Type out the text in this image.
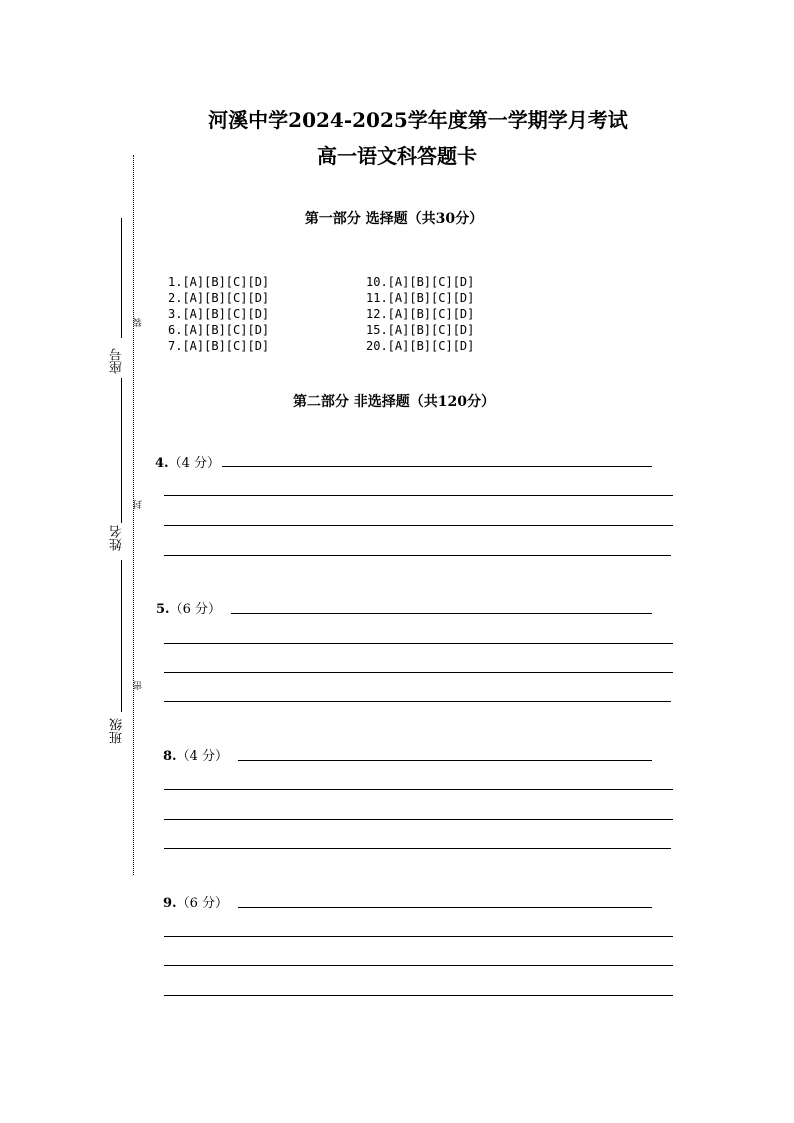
河溪中学2024-2025学年度第一学期学月考试
高一语文科答题卡
座号
姓名
班级
装
封
密
第一部分 选择题（共30分）
1.[A][B][C][D]	10.[A][B][C][D]
2.[A][B][C][D]	11.[A][B][C][D]
3.[A][B][C][D]	12.[A][B][C][D]
6.[A][B][C][D]	15.[A][B][C][D]
7.[A][B][C][D]	20.[A][B][C][D]
第二部分 非选择题（共120分）
4.（4 分）
5.（6 分）
8.（4 分）
9.（6 分）
